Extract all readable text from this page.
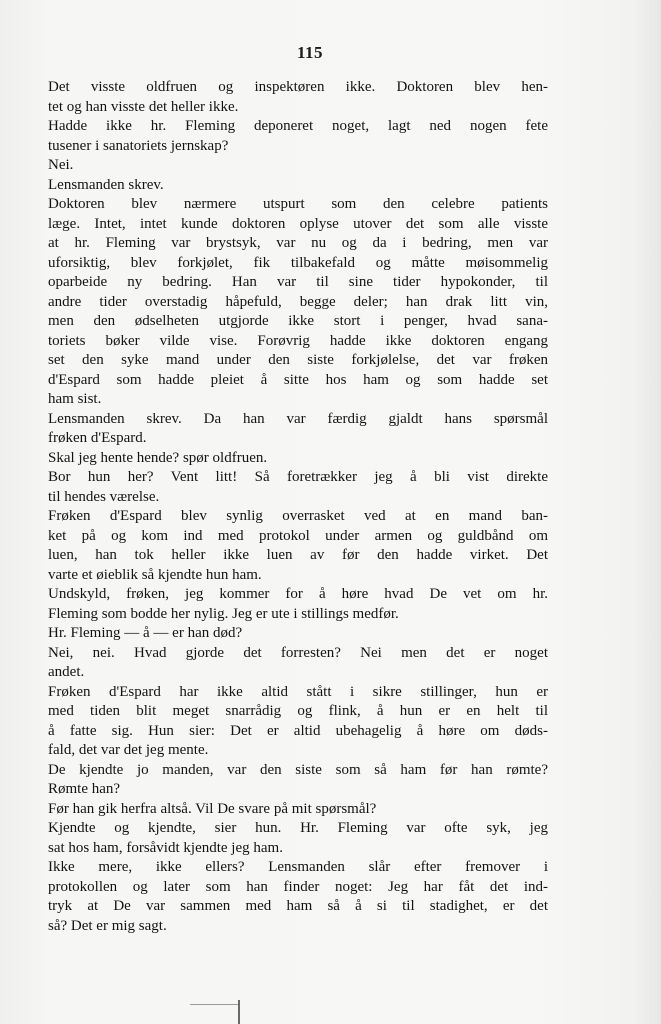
115
Det visste oldfruen og inspektøren ikke. Doktoren blev hen-
tet og han visste det heller ikke.
Hadde ikke hr. Fleming deponeret noget, lagt ned nogen fete
tusener i sanatoriets jernskap?
Nei.
Lensmanden skrev.
Doktoren blev nærmere utspurt som den celebre patients
læge. Intet, intet kunde doktoren oplyse utover det som alle visste
at hr. Fleming var brystsyk, var nu og da i bedring, men var
uforsiktig, blev forkjølet, fik tilbakefald og måtte møisommelig
oparbeide ny bedring. Han var til sine tider hypokonder, til
andre tider overstadig håpefuld, begge deler; han drak litt vin,
men den ødselheten utgjorde ikke stort i penger, hvad sana-
toriets bøker vilde vise. Forøvrig hadde ikke doktoren engang
set den syke mand under den siste forkjølelse, det var frøken
d'Espard som hadde pleiet å sitte hos ham og som hadde set
ham sist.
Lensmanden skrev. Da han var færdig gjaldt hans spørsmål
frøken d'Espard.
Skal jeg hente hende? spør oldfruen.
Bor hun her? Vent litt! Så foretrækker jeg å bli vist direkte
til hendes værelse.
Frøken d'Espard blev synlig overrasket ved at en mand ban-
ket på og kom ind med protokol under armen og guldbånd om
luen, han tok heller ikke luen av før den hadde virket. Det
varte et øieblik så kjendte hun ham.
Undskyld, frøken, jeg kommer for å høre hvad De vet om hr.
Fleming som bodde her nylig. Jeg er ute i stillings medfør.
Hr. Fleming — å — er han død?
Nei, nei. Hvad gjorde det forresten? Nei men det er noget
andet.
Frøken d'Espard har ikke altid stått i sikre stillinger, hun er
med tiden blit meget snarrådig og flink, å hun er en helt til
å fatte sig. Hun sier: Det er altid ubehagelig å høre om døds-
fald, det var det jeg mente.
De kjendte jo manden, var den siste som så ham før han rømte?
Rømte han?
Før han gik herfra altså. Vil De svare på mit spørsmål?
Kjendte og kjendte, sier hun. Hr. Fleming var ofte syk, jeg
sat hos ham, forsåvidt kjendte jeg ham.
Ikke mere, ikke ellers? Lensmanden slår efter fremover i
protokollen og later som han finder noget: Jeg har fåt det ind-
tryk at De var sammen med ham så å si til stadighet, er det
så? Det er mig sagt.
